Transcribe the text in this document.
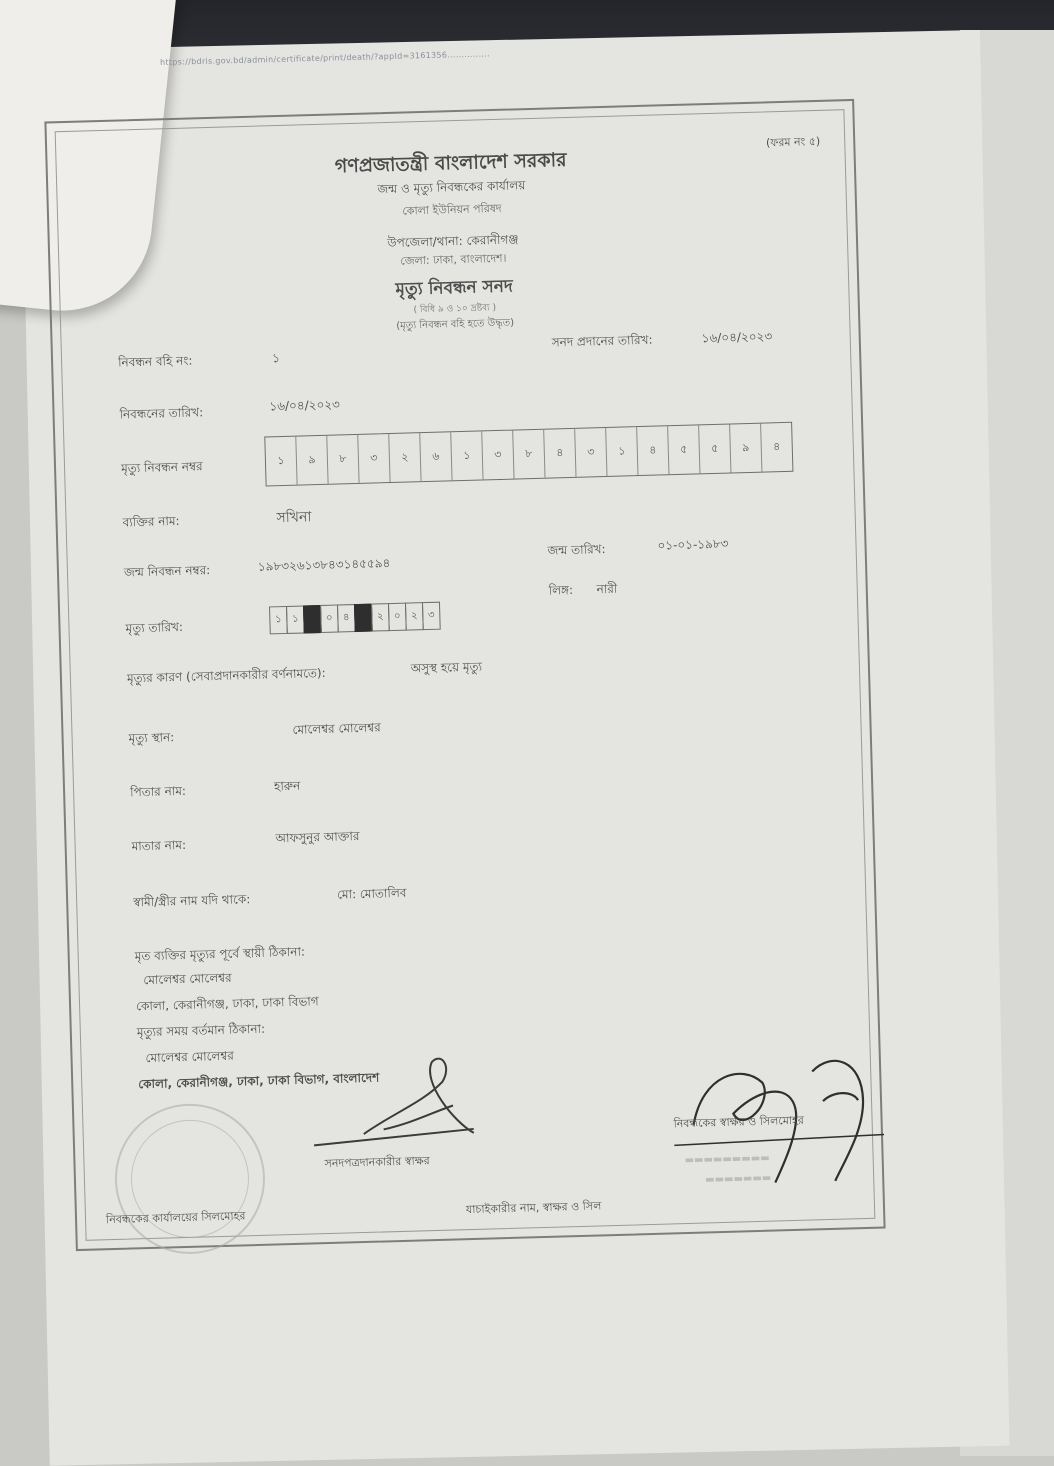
https://bdris.gov.bd/admin/certificate/print/death/?appId=3161356...............
(ফরম নং ৫)
গণপ্রজাতন্ত্রী বাংলাদেশ সরকার
জন্ম ও মৃত্যু নিবন্ধকের কার্যালয়
কোলা ইউনিয়ন পরিষদ
উপজেলা/থানা: কেরানীগঞ্জ
জেলা: ঢাকা, বাংলাদেশ।
মৃত্যু নিবন্ধন সনদ
( বিধি ৯ ও ১০ দ্রষ্টব্য )
(মৃত্যু নিবন্ধন বহি হতে উদ্ধৃত)
নিবন্ধন বহি নং:	১
সনদ প্রদানের তারিখ:	১৬/০৪/২০২৩
নিবন্ধনের তারিখ:	১৬/০৪/২০২৩
মৃত্যু নিবন্ধন নম্বর	১	৯	৮	৩	২	৬	১	৩	৮	৪	৩	১	৪	৫	৫	৯	৪
ব্যক্তির নাম:	সখিনা
জন্ম নিবন্ধন নম্বর:	১৯৮৩২৬১৩৮৪৩১৪৫৫৯৪
জন্ম তারিখ:	০১-০১-১৯৮৩
লিঙ্গ: নারী
মৃত্যু তারিখ:
১	১	০	৪	২	০	২	৩
মৃত্যুর কারণ (সেবাপ্রদানকারীর বর্ণনামতে):	অসুস্থ হয়ে মৃত্যু
মৃত্যু স্থান:
মোলেশ্বর মোলেশ্বর
পিতার নাম:	হারুন
মাতার নাম:
আফসুনুর আক্তার
স্বামী/স্ত্রীর নাম যদি থাকে:	মো: মোতালিব
মৃত ব্যক্তির মৃত্যুর পূর্বে স্থায়ী ঠিকানা:
মোলেশ্বর মোলেশ্বর
কোলা, কেরানীগঞ্জ, ঢাকা, ঢাকা বিভাগ
মৃত্যুর সময় বর্তমান ঠিকানা:
মোলেশ্বর মোলেশ্বর
কোলা, কেরানীগঞ্জ, ঢাকা, ঢাকা বিভাগ, বাংলাদেশ
সনদপত্রদানকারীর স্বাক্ষর
নিবন্ধকের স্বাক্ষর ও সিলমোহর
নিবন্ধকের কার্যালয়ের সিলমোহর
যাচাইকারীর নাম, স্বাক্ষর ও সিল
▬▬▬▬▬▬▬▬▬
▬▬▬▬▬▬▬
